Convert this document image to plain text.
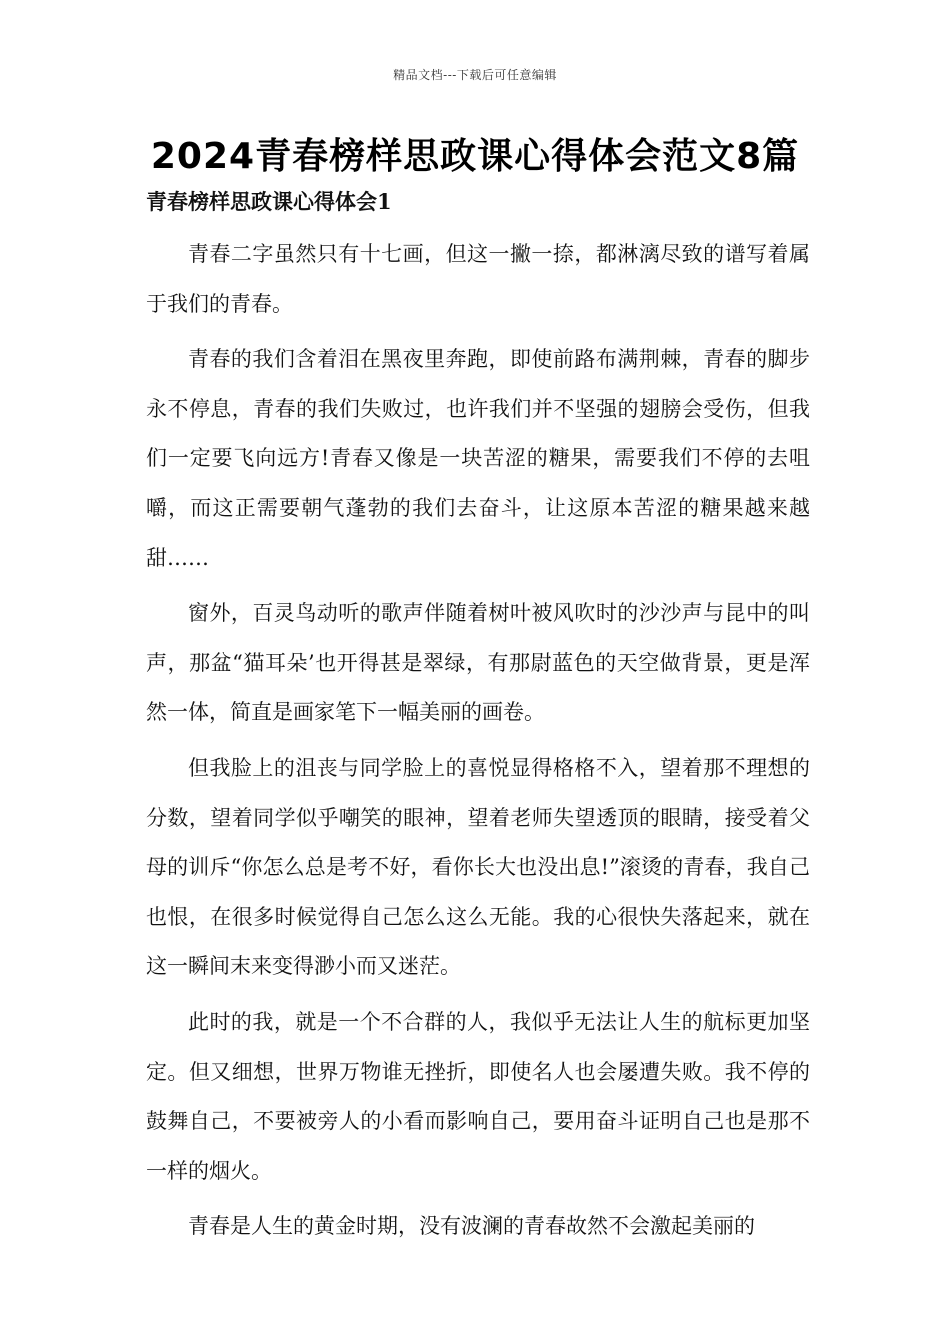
精品文档---下载后可任意编辑
2024青春榜样思政课心得体会范文8篇
青春榜样思政课心得体会1

青春二字虽然只有十七画，但这一撇一捺，都淋漓尽致的谱写着属于我们的青春。

青春的我们含着泪在黑夜里奔跑，即使前路布满荆棘，青春的脚步永不停息，青春的我们失败过，也许我们并不坚强的翅膀会受伤，但我们一定要飞向远方!青春又像是一块苦涩的糖果，需要我们不停的去咀嚼，而这正需要朝气蓬勃的我们去奋斗，让这原本苦涩的糖果越来越甜……

窗外，百灵鸟动听的歌声伴随着树叶被风吹时的沙沙声与昆中的叫声，那盆“猫耳朵’也开得甚是翠绿，有那尉蓝色的天空做背景，更是浑然一体，简直是画家笔下一幅美丽的画卷。

但我脸上的沮丧与同学脸上的喜悦显得格格不入，望着那不理想的分数，望着同学似乎嘲笑的眼神，望着老师失望透顶的眼睛，接受着父母的训斥“你怎么总是考不好，看你长大也没出息!”滚烫的青春，我自己也恨，在很多时候觉得自己怎么这么无能。我的心很快失落起来，就在这一瞬间末来变得渺小而又迷茫。

此时的我，就是一个不合群的人，我似乎无法让人生的航标更加坚定。但又细想，世界万物谁无挫折，即使名人也会屡遭失败。我不停的鼓舞自己，不要被旁人的小看而影响自己，要用奋斗证明自己也是那不一样的烟火。

青春是人生的黄金时期，没有波澜的青春故然不会激起美丽的
